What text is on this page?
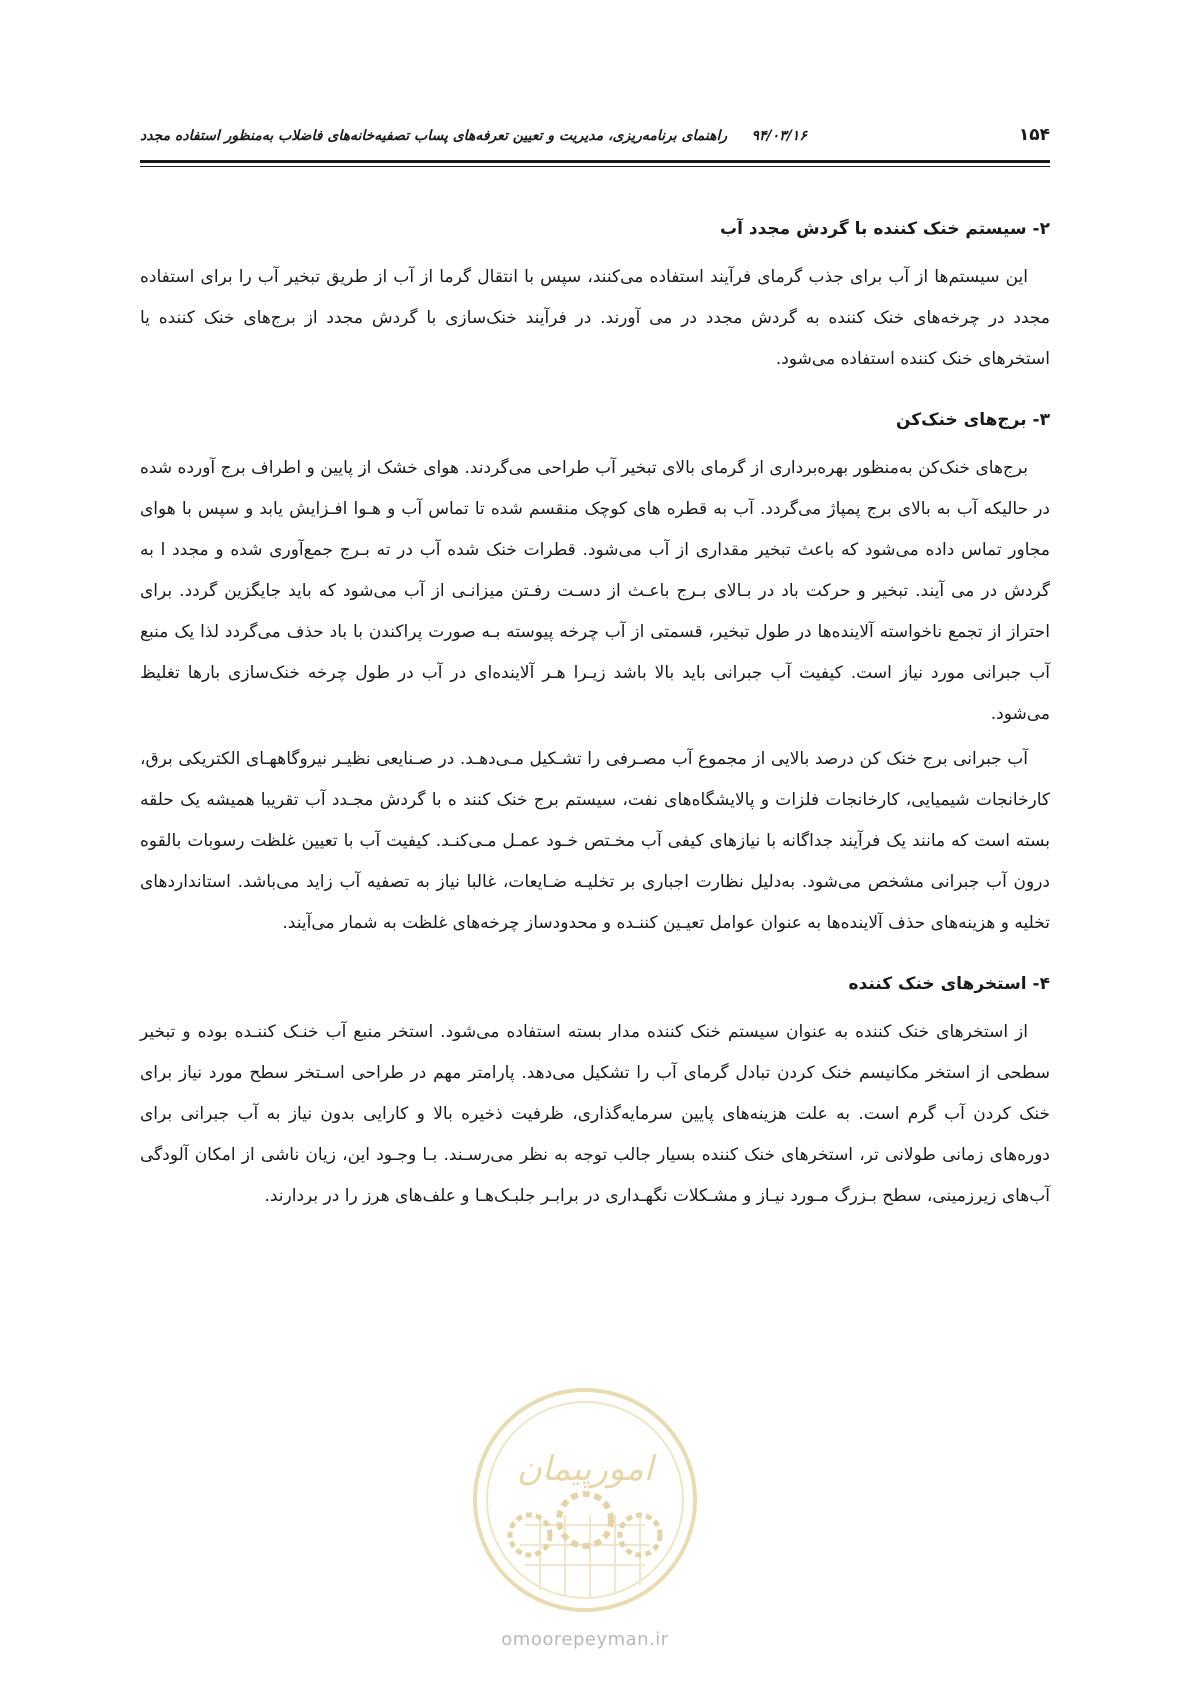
۱۵۴
۹۴/۰۳/۱۶     راهنمای برنامه‌ریزی، مدیریت و تعیین تعرفه‌های پساب تصفیه‌خانه‌های فاضلاب به‌منظور استفاده مجدد
۲- سیستم خنک کننده با گردش مجدد آب

این سیستم‌ها از آب برای جذب گرمای فرآیند استفاده می‌کنند، سپس با انتقال گرما از آب از طریق تبخیر آب را برای استفاده مجدد در چرخه‌های خنک کننده به گردش مجدد در می آورند. در فرآیند خنک‌سازی با گردش مجدد از برج‌های خنک کننده یا استخرهای خنک کننده استفاده می‌شود.

۳- برج‌های خنک‌کن

برج‌های خنک‌کن به‌منظور بهره‌برداری از گرمای بالای تبخیر آب طراحی می‌گردند. هوای خشک از پایین و اطراف برج آورده شده در حالیکه آب به بالای برج پمپاژ می‌گردد. آب به قطره های کوچک منقسم شده تا تماس آب و هـوا افـزایش یابد و سپس با هوای مجاور تماس داده می‌شود که باعث تبخیر مقداری از آب می‌شود. قطرات خنک شده آب در ته بـرج جمع‌آوری شده و مجدد ا به گردش در می آیند. تبخیر و حرکت باد در بـالای بـرج باعـث از دسـت رفـتن میزانـی از آب می‌شود که باید جایگزین گردد. برای احتراز از تجمع ناخواسته آلاینده‌ها در طول تبخیر، قسمتی از آب چرخه پیوسته بـه صورت پراکندن با باد حذف می‌گردد لذا یک منبع آب جبرانی مورد نیاز است. کیفیت آب جبرانی باید بالا باشد زیـرا هـر آلاینده‌ای در آب در طول چرخه خنک‌سازی بارها تغلیظ می‌شود.

آب جبرانی برج خنک کن درصد بالایی از مجموع آب مصـرفی را تشـکیل مـی‌دهـد. در صـنایعی نظیـر نیروگاههـای الکتریکی برق، کارخانجات شیمیایی، کارخانجات فلزات و پالایشگاه‌های نفت، سیستم برج خنک کنند ه با گردش مجـدد آب تقریبا همیشه یک حلقه بسته است که مانند یک فرآیند جداگانه با نیازهای کیفی آب مخـتص خـود عمـل مـی‌کنـد. کیفیت آب با تعیین غلظت رسوبات بالقوه درون آب جبرانی مشخص می‌شود. به‌دلیل نظارت اجباری بر تخلیـه ضـایعات، غالبا نیاز به تصفیه آب زاید می‌باشد. استانداردهای تخلیه و هزینه‌های حذف آلاینده‌ها به عنوان عوامل تعیـین کننـده و محدودساز چرخه‌های غلظت به شمار می‌آیند.

۴- استخرهای خنک کننده

از استخرهای خنک کننده به عنوان سیستم خنک کننده مدار بسته استفاده می‌شود. استخر منبع آب خنـک کننـده بوده و تبخیر سطحی از استخر مکانیسم خنک کردن تبادل گرمای آب را تشکیل می‌دهد. پارامتر مهم در طراحی اسـتخر سطح مورد نیاز برای خنک کردن آب گرم است. به علت هزینه‌های پایین سرمایه‌گذاری، ظرفیت ذخیره بالا و کارایی بدون نیاز به آب جبرانی برای دوره‌های زمانی طولانی تر، استخرهای خنک کننده بسیار جالب توجه به نظر می‌رسـند. بـا وجـود این، زیان ناشی از امکان آلودگی آب‌های زیرزمینی، سطح بـزرگ مـورد نیـاز و مشـکلات نگهـداری در برابـر جلبـک‌هـا و علف‌های هرز را در بردارند.

امورپیمان
omoorepeyman.ir
